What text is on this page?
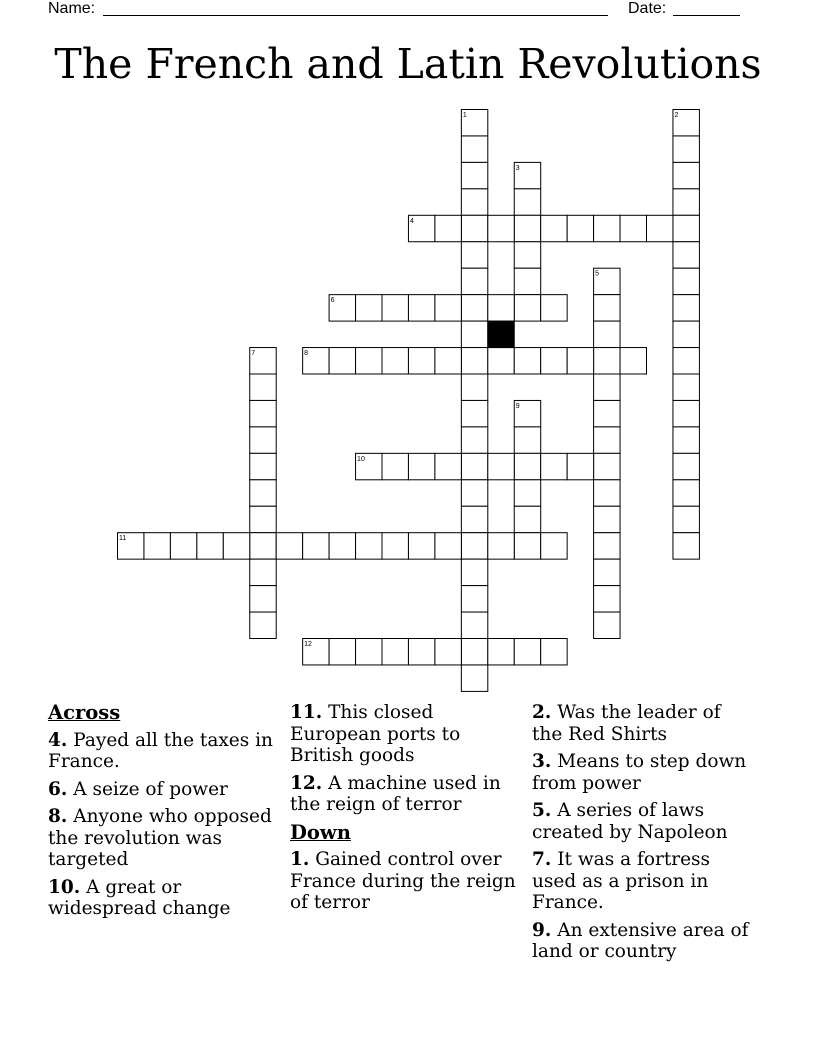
Name:	Date:
The French and Latin Revolutions
1	2
3
4
5
6
7	8
9
10
11
12
Across
4. Payed all the taxes in France.
6. A seize of power
8. Anyone who opposed the revolution was targeted
10. A great or widespread change
11. This closed European ports to British goods
12. A machine used in the reign of terror
Down
1. Gained control over France during the reign of terror
2. Was the leader of the Red Shirts
3. Means to step down from power
5. A series of laws created by Napoleon
7. It was a fortress used as a prison in France.
9. An extensive area of land or country
